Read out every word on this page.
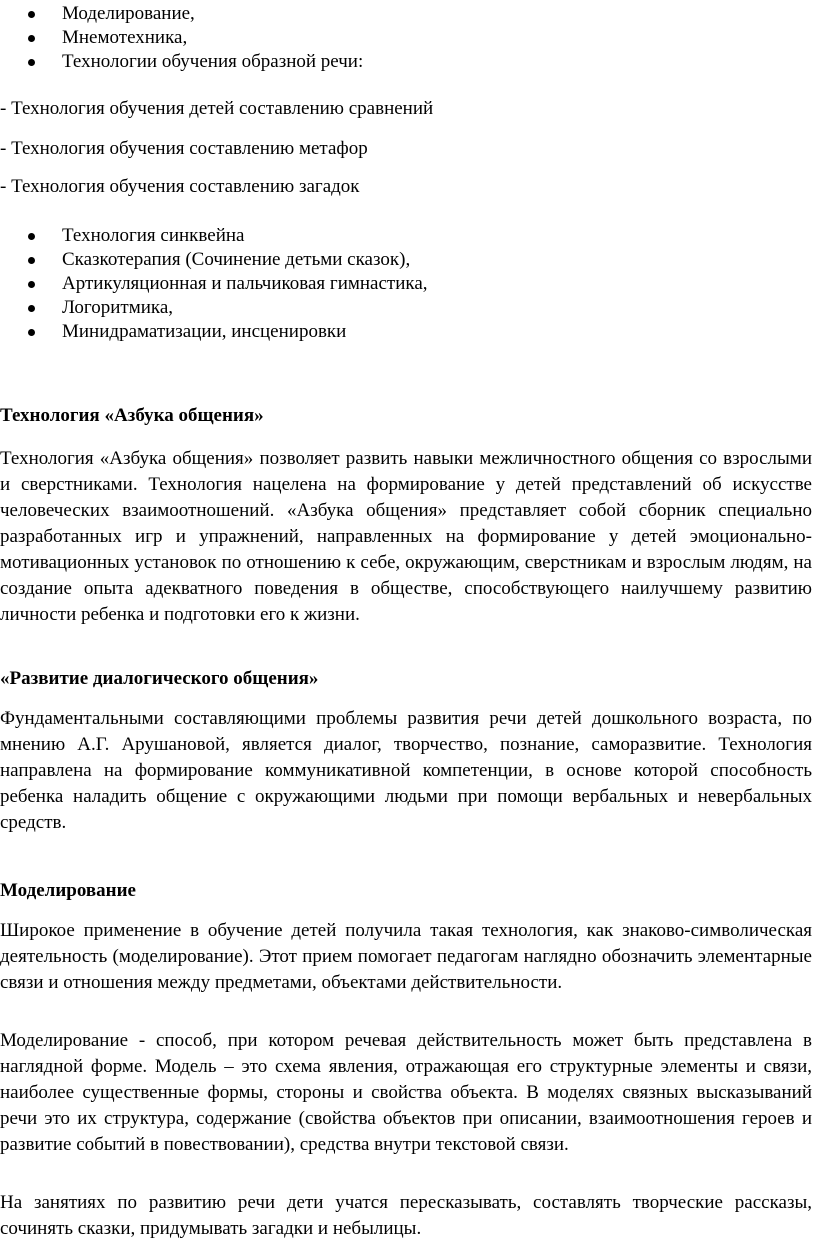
Моделирование,
Мнемотехника,
Технологии обучения образной речи:
- Технология обучения детей составлению сравнений
- Технология обучения составлению метафор
- Технология обучения составлению загадок
Технология синквейна
Сказкотерапия (Сочинение детьми сказок),
Артикуляционная и пальчиковая гимнастика,
Логоритмика,
Минидраматизации, инсценировки
Технология «Азбука общения»

Технология «Азбука общения» позволяет развить навыки межличностного общения со взрослыми и сверстниками. Технология нацелена на формирование у детей представлений об искусстве человеческих взаимоотношений. «Азбука общения» представляет собой сборник специально разработанных игр и упражнений, направленных на формирование у детей эмоционально-мотивационных установок по отношению к себе, окружающим, сверстникам и взрослым людям, на создание опыта адекватного поведения в обществе, способствующего наилучшему развитию личности ребенка и подготовки его к жизни.

«Развитие диалогического общения»

Фундаментальными составляющими проблемы развития речи детей дошкольного возраста, по мнению А.Г. Арушановой, является диалог, творчество, познание, саморазвитие. Технология направлена на формирование коммуникативной компетенции, в основе которой способность ребенка наладить общение с окружающими людьми при помощи вербальных и невербальных средств.

Моделирование

Широкое применение в обучение детей получила такая технология, как знаково-символическая деятельность (моделирование). Этот прием помогает педагогам наглядно обозначить элементарные связи и отношения между предметами, объектами действительности.

Моделирование - способ, при котором речевая действительность может быть представлена в наглядной форме. Модель – это схема явления, отражающая его структурные элементы и связи, наиболее существенные формы, стороны и свойства объекта. В моделях связных высказываний речи это их структура, содержание (свойства объектов при описании, взаимоотношения героев и развитие событий в повествовании), средства внутри текстовой связи.

На занятиях по развитию речи дети учатся пересказывать, составлять творческие рассказы, сочинять сказки, придумывать загадки и небылицы.
